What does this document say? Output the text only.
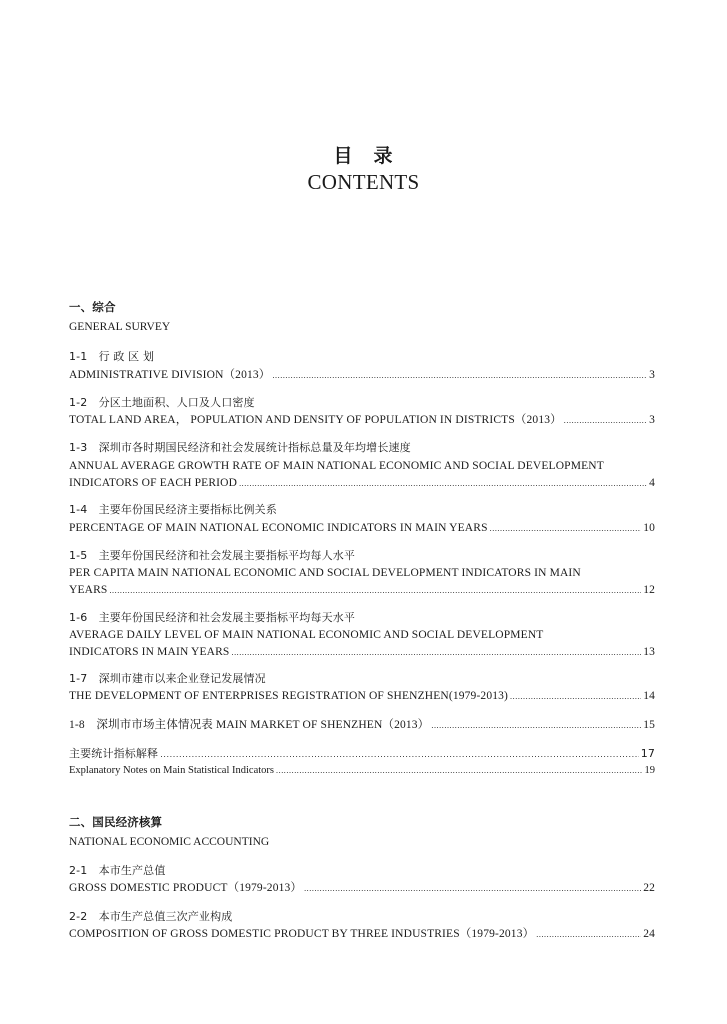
目　录
CONTENTS
一、综合
GENERAL SURVEY
1-1　行 政 区 划
ADMINISTRATIVE DIVISION（2013） .....	3
1-2　分区土地面积、人口及人口密度
TOTAL LAND AREA， POPULATION AND DENSITY OF POPULATION IN DISTRICTS（2013） .....	3
1-3　深圳市各时期国民经济和社会发展统计指标总量及年均增长速度
ANNUAL AVERAGE GROWTH RATE OF MAIN NATIONAL ECONOMIC AND SOCIAL DEVELOPMENT
INDICATORS OF EACH PERIOD .....	4
1-4　主要年份国民经济主要指标比例关系
PERCENTAGE OF MAIN NATIONAL ECONOMIC INDICATORS IN MAIN YEARS .....	10
1-5　主要年份国民经济和社会发展主要指标平均每人水平
PER CAPITA MAIN NATIONAL ECONOMIC AND SOCIAL DEVELOPMENT INDICATORS IN MAIN
YEARS .....	12
1-6　主要年份国民经济和社会发展主要指标平均每天水平
AVERAGE DAILY LEVEL OF MAIN NATIONAL ECONOMIC AND SOCIAL DEVELOPMENT
INDICATORS IN MAIN YEARS .....	13
1-7　深圳市建市以来企业登记发展情况
THE DEVELOPMENT OF ENTERPRISES REGISTRATION OF SHENZHEN(1979-2013) .....	14
1-8　深圳市市场主体情况表 MAIN MARKET OF SHENZHEN（2013） .....	15
主要统计指标解释 .....	17
Explanatory Notes on Main Statistical Indicators .....	19
二、国民经济核算
NATIONAL ECONOMIC ACCOUNTING
2-1　本市生产总值
GROSS DOMESTIC PRODUCT（1979-2013） .....	22
2-2　本市生产总值三次产业构成
COMPOSITION OF GROSS DOMESTIC PRODUCT BY THREE INDUSTRIES（1979-2013） .....	24
